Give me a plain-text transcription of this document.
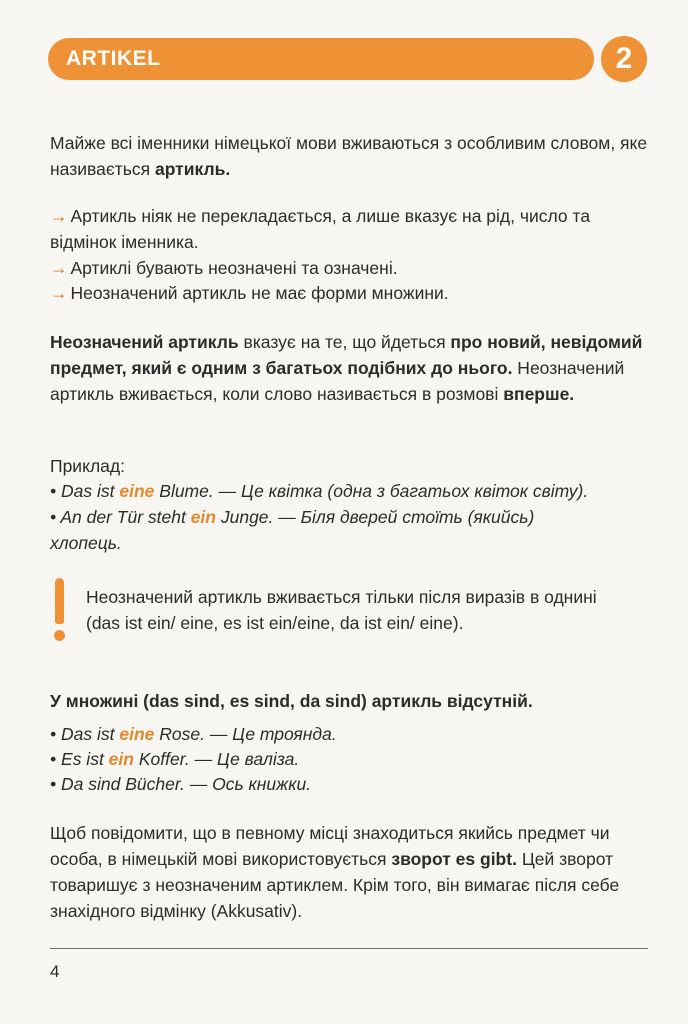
ARTIKEL	2

Майже всі іменники німецької мови вживаються з особливим словом, яке називається артикль.

→ Артикль ніяк не перекладається, а лише вказує на рід, число та відмінок іменника.

→ Артиклі бувають неозначені та означені.

→ Неозначений артикль не має форми множини.

Неозначений артикль вказує на те, що йдеться про новий, невідомий предмет, який є одним з багатьох подібних до нього. Неозначений артикль вживається, коли слово називається в розмові вперше.

Приклад:

• Das ist eine Blume. — Це квітка (одна з багатьох квіток світу).

• An der Tür steht ein Junge. — Біля дверей стоїть (якийсь) хлопець.

Неозначений артикль вживається тільки після виразів в однині (das ist ein/ eine, es ist ein/eine, da ist ein/ eine).

У множині (das sind, es sind, da sind) артикль відсутній.

• Das ist eine Rose. — Це троянда.

• Es ist ein Koffer. — Це валіза.

• Da sind Bücher. — Ось книжки.

Щоб повідомити, що в певному місці знаходиться якийсь предмет чи особа, в німецькій мові використовується зворот es gibt. Цей зворот товаришує з неозначеним артиклем. Крім того, він вимагає після себе знахідного відмінку (Akkusativ).

4
